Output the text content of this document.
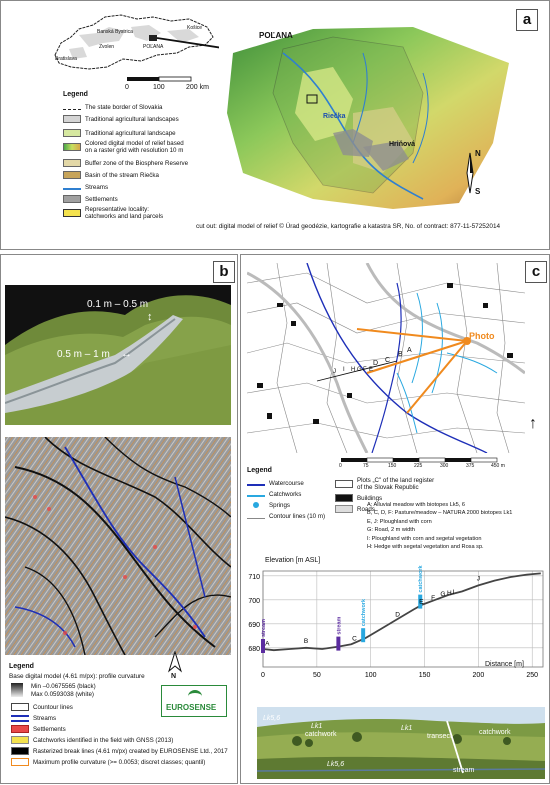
a
Banská Bystrica
Zvolen
Bratislava
Košice
POĽANA
0	100	200 km
Legend
The state border of Slovakia
Traditional agricultural landscapes
Traditional agricultural landscape
Colored digital model of relief based
on a raster grid with resolution 10 m
Buffer zone of the Biosphere Reserve
Basin of the stream Riečka
Streams
Settlements
Representative locality:
catchworks and land parcels
POĽANA
Riečka
Hriňová
N
S
cut out: digital model of relief © Úrad geodézie, kartografie a katastra SR, No. of contract: 877-11-57252014
b
0.1 m – 0.5 m
↕
0.5 m – 1 m ↔
Legend
Base digital model (4.61 m/px): profile curvature
Min –0.0675565 (black)
Max 0.0593038 (white)
Countour lines
Streams
Settlements
Catchworks identified in the field with GNSS (2013)
Rasterized break lines (4.61 m/px) created by EUROSENSE Ltd., 2017
Maximum profile curvature (>= 0.0053; discret classes; quantil)
N
EUROSENSE
c
Photo
A
B
C
D
E
F
G
H
I
J
0	75	150	225	300	375	450 m
↑
Legend
Watercourse
Catchworks
Springs
Contour lines (10 m)
Plots „C" of the land register
of the Slovak Republic
Buildings
Roads
A: Alluvial meadow with biotopes Lk5, 6
B, C, D, F: Pasture/meadow – NATURA 2000 biotopes Lk1
E, J: Ploughland with corn
G: Road, 2 m width
I: Ploughland with corn and segetal vegetation
H: Hedge with segetal vegetation and Rosa sp.
Elevation [m ASL]
680
690
700
710
0	50	100	150	200	250
stream	stream	catchwork
catchwork
A	B	C
D
E
F
G H I
J
Distance [m]
Lk5,6
Lk1
catchwork
Lk1
transect
catchwork
Lk5,6
stream
